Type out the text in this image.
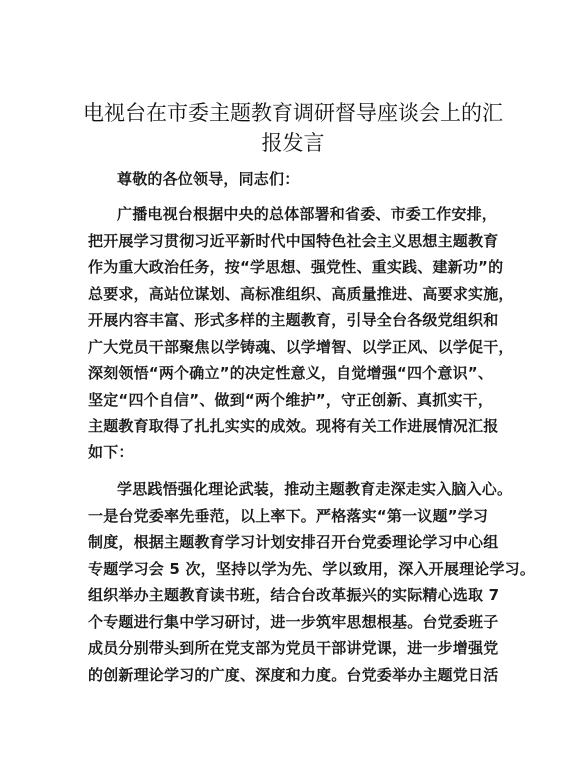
电视台在市委主题教育调研督导座谈会上的汇
报发言
尊敬的各位领导，同志们：
广播电视台根据中央的总体部署和省委、市委工作安排，
把开展学习贯彻习近平新时代中国特色社会主义思想主题教育
作为重大政治任务，按“学思想、强党性、重实践、建新功”的
总要求，高站位谋划、高标准组织、高质量推进、高要求实施，
开展内容丰富、形式多样的主题教育，引导全台各级党组织和
广大党员干部聚焦以学铸魂、以学增智、以学正风、以学促干，
深刻领悟“两个确立”的决定性意义，自觉增强“四个意识”、
坚定“四个自信”、做到“两个维护”，守正创新、真抓实干，
主题教育取得了扎扎实实的成效。现将有关工作进展情况汇报
如下：
学思践悟强化理论武装，推动主题教育走深走实入脑入心。
一是台党委率先垂范，以上率下。严格落实“第一议题”学习
制度，根据主题教育学习计划安排召开台党委理论学习中心组
专题学习会 5 次，坚持以学为先、学以致用，深入开展理论学习。
组织举办主题教育读书班，结合台改革振兴的实际精心选取 7
个专题进行集中学习研讨，进一步筑牢思想根基。台党委班子
成员分别带头到所在党支部为党员干部讲党课，进一步增强党
的创新理论学习的广度、深度和力度。台党委举办主题党日活
